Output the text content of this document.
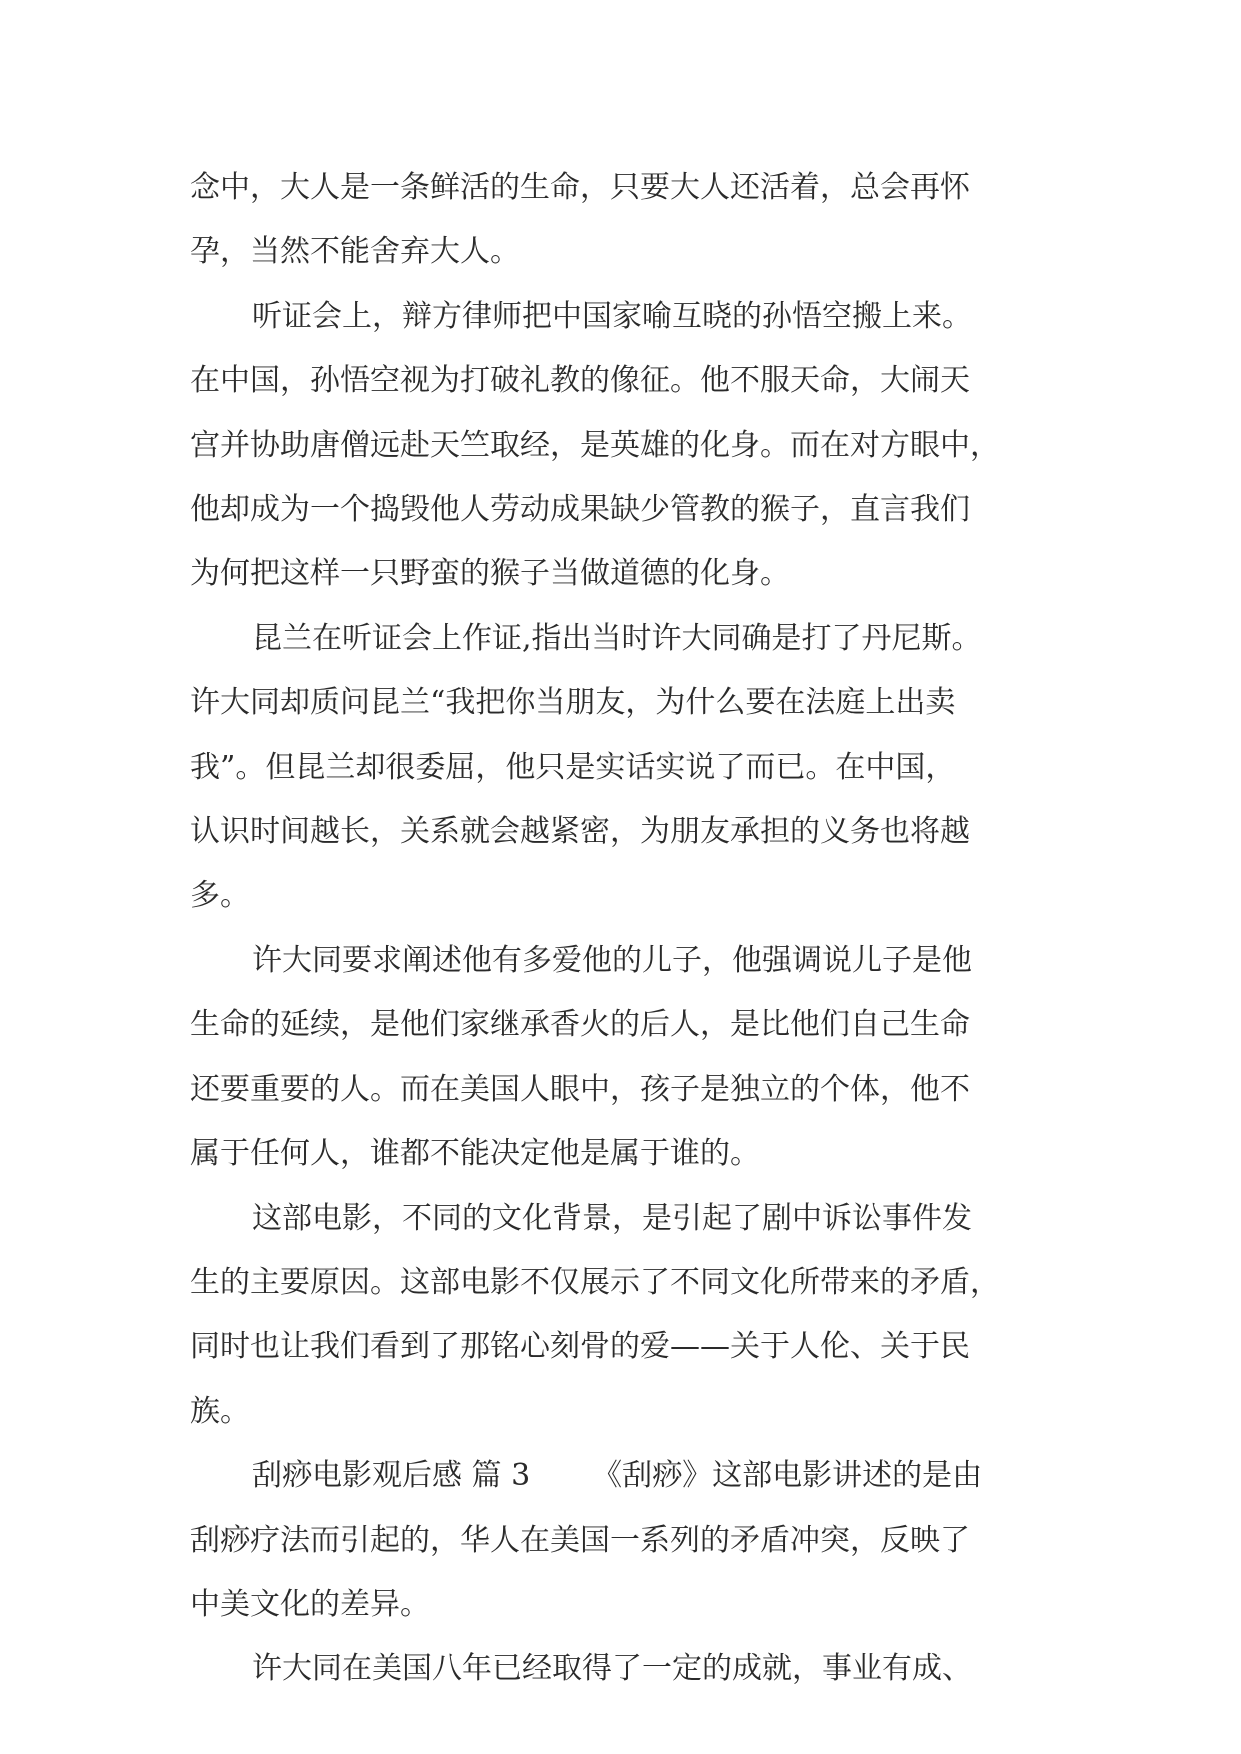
念中，大人是一条鲜活的生命，只要大人还活着，总会再怀

孕，当然不能舍弃大人。

听证会上，辩方律师把中国家喻互晓的孙悟空搬上来。

在中国，孙悟空视为打破礼教的像征。他不服天命，大闹天

宫并协助唐僧远赴天竺取经，是英雄的化身。而在对方眼中，

他却成为一个捣毁他人劳动成果缺少管教的猴子，直言我们

为何把这样一只野蛮的猴子当做道德的化身。

昆兰在听证会上作证,指出当时许大同确是打了丹尼斯。

许大同却质问昆兰“我把你当朋友，为什么要在法庭上出卖

我”。但昆兰却很委屈，他只是实话实说了而已。在中国，

认识时间越长，关系就会越紧密，为朋友承担的义务也将越

多。

许大同要求阐述他有多爱他的儿子，他强调说儿子是他

生命的延续，是他们家继承香火的后人，是比他们自己生命

还要重要的人。而在美国人眼中，孩子是独立的个体，他不

属于任何人，谁都不能决定他是属于谁的。

这部电影，不同的文化背景，是引起了剧中诉讼事件发

生的主要原因。这部电影不仅展示了不同文化所带来的矛盾，

同时也让我们看到了那铭心刻骨的爱——关于人伦、关于民

族。

刮痧电影观后感 篇 3 《刮痧》这部电影讲述的是由

刮痧疗法而引起的，华人在美国一系列的矛盾冲突，反映了

中美文化的差异。

许大同在美国八年已经取得了一定的成就，事业有成、
